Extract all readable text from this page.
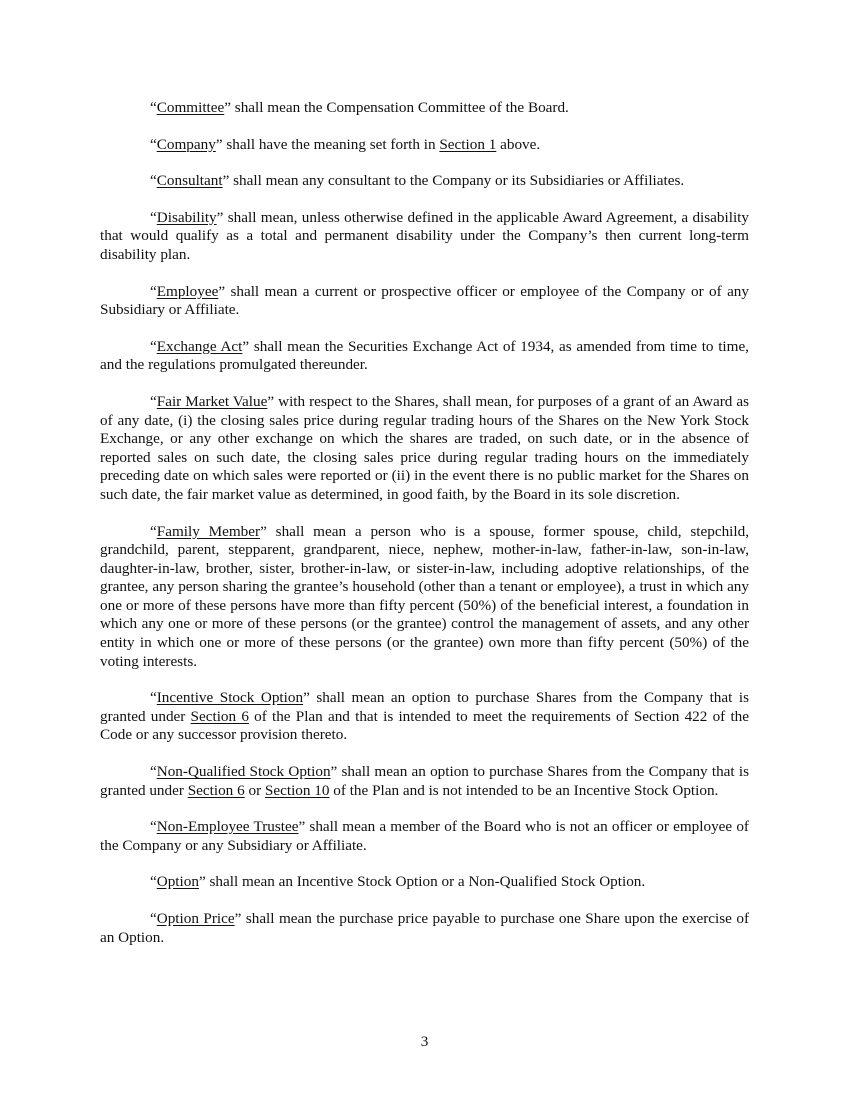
“Committee” shall mean the Compensation Committee of the Board.

“Company” shall have the meaning set forth in Section 1 above.

“Consultant” shall mean any consultant to the Company or its Subsidiaries or Affiliates.

“Disability” shall mean, unless otherwise defined in the applicable Award Agreement, a disability that would qualify as a total and permanent disability under the Company’s then current long-term disability plan.

“Employee” shall mean a current or prospective officer or employee of the Company or of any Subsidiary or Affiliate.

“Exchange Act” shall mean the Securities Exchange Act of 1934, as amended from time to time, and the regulations promulgated thereunder.

“Fair Market Value” with respect to the Shares, shall mean, for purposes of a grant of an Award as of any date, (i) the closing sales price during regular trading hours of the Shares on the New York Stock Exchange, or any other exchange on which the shares are traded, on such date, or in the absence of reported sales on such date, the closing sales price during regular trading hours on the immediately preceding date on which sales were reported or (ii) in the event there is no public market for the Shares on such date, the fair market value as determined, in good faith, by the Board in its sole discretion.

“Family Member” shall mean a person who is a spouse, former spouse, child, stepchild, grandchild, parent, stepparent, grandparent, niece, nephew, mother-in-law, father-in-law, son-in-law, daughter-in-law, brother, sister, brother-in-law, or sister-in-law, including adoptive relationships, of the grantee, any person sharing the grantee’s household (other than a tenant or employee), a trust in which any one or more of these persons have more than fifty percent (50%) of the beneficial interest, a foundation in which any one or more of these persons (or the grantee) control the management of assets, and any other entity in which one or more of these persons (or the grantee) own more than fifty percent (50%) of the voting interests.

“Incentive Stock Option” shall mean an option to purchase Shares from the Company that is granted under Section 6 of the Plan and that is intended to meet the requirements of Section 422 of the Code or any successor provision thereto.

“Non-Qualified Stock Option” shall mean an option to purchase Shares from the Company that is granted under Section 6 or Section 10 of the Plan and is not intended to be an Incentive Stock Option.

“Non-Employee Trustee” shall mean a member of the Board who is not an officer or employee of the Company or any Subsidiary or Affiliate.

“Option” shall mean an Incentive Stock Option or a Non-Qualified Stock Option.

“Option Price” shall mean the purchase price payable to purchase one Share upon the exercise of an Option.

3
